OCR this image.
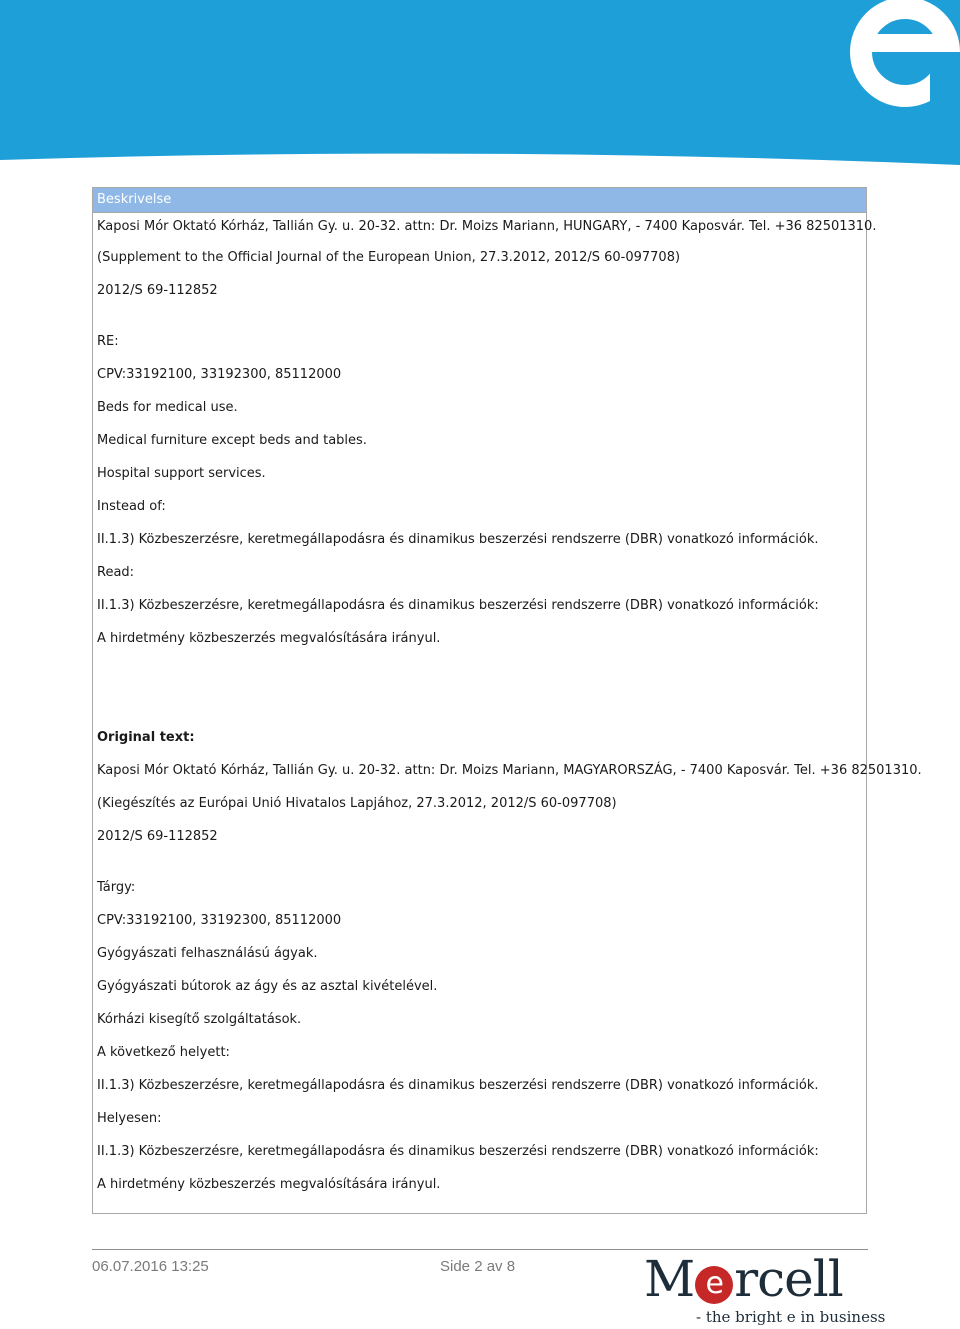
Beskrivelse
Kaposi Mór Oktató Kórház, Tallián Gy. u. 20-32. attn: Dr. Moizs Mariann, HUNGARY, - 7400 Kaposvár. Tel. +36 82501310.
(Supplement to the Official Journal of the European Union, 27.3.2012, 2012/S 60-097708)
2012/S 69-112852
RE:
CPV:33192100, 33192300, 85112000
Beds for medical use.
Medical furniture except beds and tables.
Hospital support services.
Instead of:
II.1.3) Közbeszerzésre, keretmegállapodásra és dinamikus beszerzési rendszerre (DBR) vonatkozó információk.
Read:
II.1.3) Közbeszerzésre, keretmegállapodásra és dinamikus beszerzési rendszerre (DBR) vonatkozó információk:
A hirdetmény közbeszerzés megvalósítására irányul.
Original text:
Kaposi Mór Oktató Kórház, Tallián Gy. u. 20-32. attn: Dr. Moizs Mariann, MAGYARORSZÁG, - 7400 Kaposvár. Tel. +36 82501310.
(Kiegészítés az Európai Unió Hivatalos Lapjához, 27.3.2012, 2012/S 60-097708)
2012/S 69-112852
Tárgy:
CPV:33192100, 33192300, 85112000
Gyógyászati felhasználású ágyak.
Gyógyászati bútorok az ágy és az asztal kivételével.
Kórházi kisegítő szolgáltatások.
A következő helyett:
II.1.3) Közbeszerzésre, keretmegállapodásra és dinamikus beszerzési rendszerre (DBR) vonatkozó információk.
Helyesen:
II.1.3) Közbeszerzésre, keretmegállapodásra és dinamikus beszerzési rendszerre (DBR) vonatkozó információk:
A hirdetmény közbeszerzés megvalósítására irányul.
06.07.2016 13:25	Side 2 av 8	M e rcell
- the bright e in business
